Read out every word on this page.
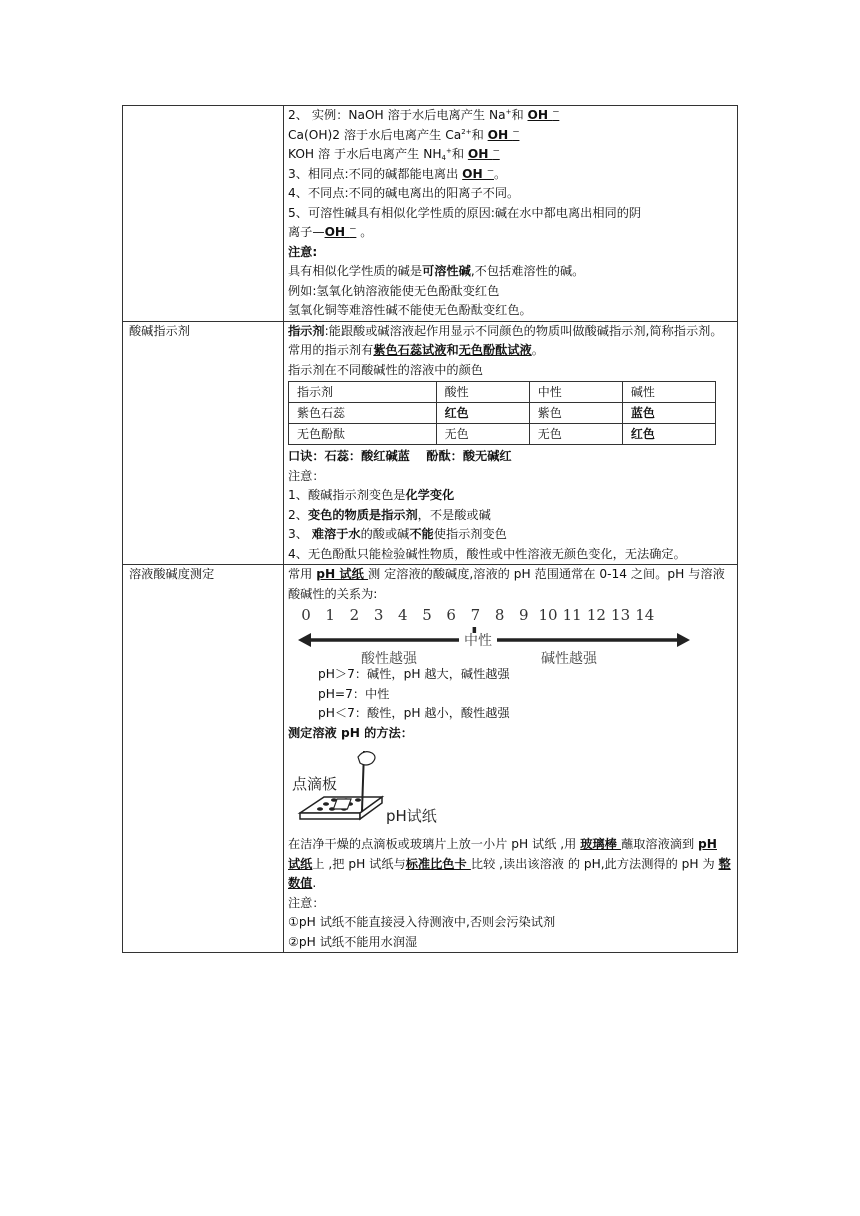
2、 实例：NaOH 溶于水后电离产生 Na+和 OH －
Ca(OH)2 溶于水后电离产生 $Ca^{2+}$和 OH －
KOH 溶 于水后电离产生 $NH_4^+$和 OH －
3、相同点:不同的碱都能电离出 OH －。
4、不同点:不同的碱电离出的阳离子不同。
5、可溶性碱具有相似化学性质的原因:碱在水中都电离出相同的阴
离子—OH － 。
注意:
具有相似化学性质的碱是可溶性碱,不包括难溶性的碱。
例如:氢氧化钠溶液能使无色酚酞变红色
氢氧化铜等难溶性碱不能使无色酚酞变红色。

酸碱指示剂	指示剂:能跟酸或碱溶液起作用显示不同颜色的物质叫做酸碱指示剂,简称指示剂。
常用的指示剂有紫色石蕊试液和无色酚酞试液。
指示剂在不同酸碱性的溶液中的颜色
指示剂	酸性	中性	碱性
紫色石蕊	红色	紫色	蓝色
无色酚酞	无色	无色	红色
口诀：石蕊：酸红碱蓝　 酚酞：酸无碱红
注意：
1、酸碱指示剂变色是化学变化
2、变色的物质是指示剂，不是酸或碱
3、 难溶于水的酸或碱不能使指示剂变色
4、无色酚酞只能检验碱性物质，酸性或中性溶液无颜色变化，无法确定。

溶液酸碱度测定	常用 pH 试纸 测 定溶液的酸碱度,溶液的 pH 范围通常在 0-14 之间。pH 与溶液酸碱性的关系为:
0 1 2 3 4 5 6 7 8 9 10 11 12 13 14
中性
酸性越强	碱性越强
pH＞7：碱性，pH 越大，碱性越强
pH=7：中性
pH＜7：酸性，pH 越小，酸性越强
测定溶液 pH 的方法：
点滴板
pH试纸
在洁净干燥的点滴板或玻璃片上放一小片 pH 试纸 ,用 玻璃棒 蘸取溶液滴到 pH 试纸上 ,把 pH 试纸与标准比色卡 比较 ,读出该溶液 的 pH,此方法测得的 pH 为 整数值.
注意：
①pH 试纸不能直接浸入待测液中,否则会污染试剂
②pH 试纸不能用水润湿
